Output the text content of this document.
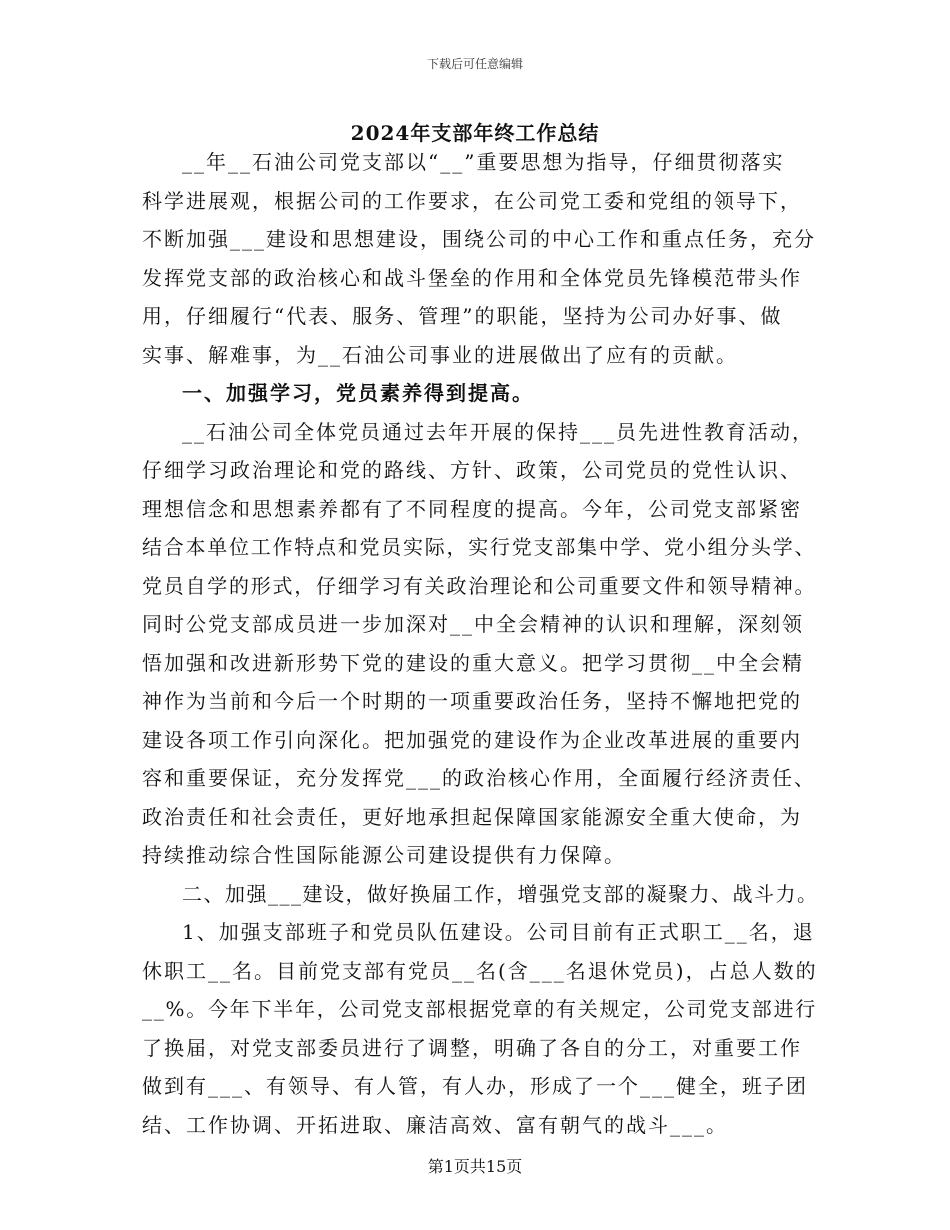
下载后可任意编辑
2024年支部年终工作总结
__年__石油公司党支部以“__”重要思想为指导，仔细贯彻落实
科学进展观，根据公司的工作要求，在公司党工委和党组的领导下，
不断加强___建设和思想建设，围绕公司的中心工作和重点任务，充分
发挥党支部的政治核心和战斗堡垒的作用和全体党员先锋模范带头作
用，仔细履行“代表、服务、管理”的职能，坚持为公司办好事、做
实事、解难事，为__石油公司事业的进展做出了应有的贡献。
一、加强学习，党员素养得到提高。
__石油公司全体党员通过去年开展的保持___员先进性教育活动，
仔细学习政治理论和党的路线、方针、政策，公司党员的党性认识、
理想信念和思想素养都有了不同程度的提高。今年，公司党支部紧密
结合本单位工作特点和党员实际，实行党支部集中学、党小组分头学、
党员自学的形式，仔细学习有关政治理论和公司重要文件和领导精神。
同时公党支部成员进一步加深对__中全会精神的认识和理解，深刻领
悟加强和改进新形势下党的建设的重大意义。把学习贯彻__中全会精
神作为当前和今后一个时期的一项重要政治任务，坚持不懈地把党的
建设各项工作引向深化。把加强党的建设作为企业改革进展的重要内
容和重要保证，充分发挥党___的政治核心作用，全面履行经济责任、
政治责任和社会责任，更好地承担起保障国家能源安全重大使命，为
持续推动综合性国际能源公司建设提供有力保障。
二、加强___建设，做好换届工作，增强党支部的凝聚力、战斗力。
1、加强支部班子和党员队伍建设。公司目前有正式职工__名，退
休职工__名。目前党支部有党员__名(含___名退休党员)，占总人数的
__%。今年下半年，公司党支部根据党章的有关规定，公司党支部进行
了换届，对党支部委员进行了调整，明确了各自的分工，对重要工作
做到有___、有领导、有人管，有人办，形成了一个___健全，班子团
结、工作协调、开拓进取、廉洁高效、富有朝气的战斗___。
第1页共15页
